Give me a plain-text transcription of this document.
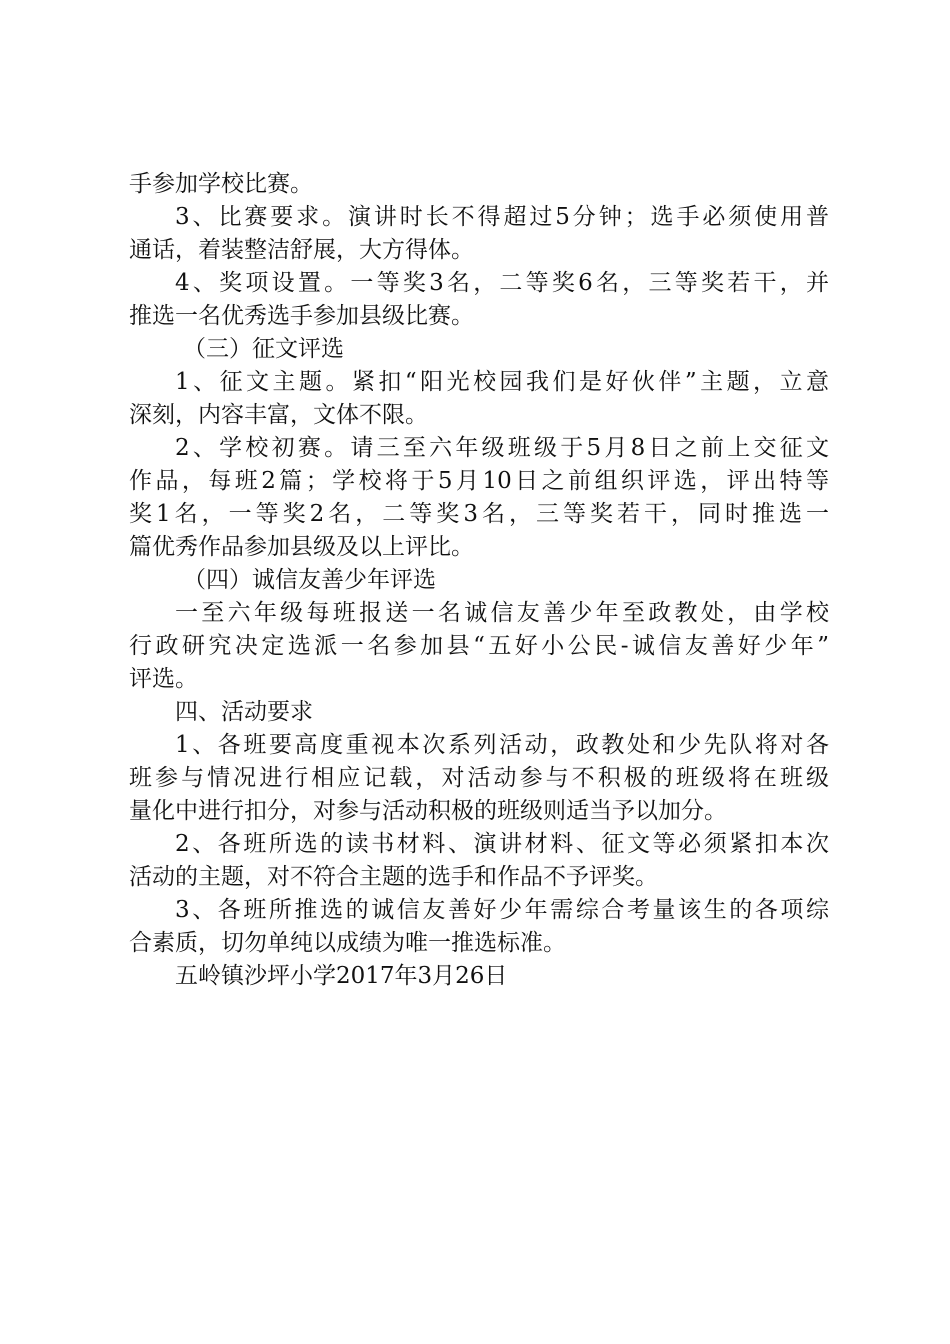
手参加学校比赛。
3、比赛要求。演讲时长不得超过5分钟；选手必须使用普
通话，着装整洁舒展，大方得体。
4、奖项设置。一等奖3名，二等奖6名，三等奖若干，并
推选一名优秀选手参加县级比赛。
（三）征文评选
1、征文主题。紧扣“阳光校园我们是好伙伴”主题，立意
深刻，内容丰富，文体不限。
2、学校初赛。请三至六年级班级于5月8日之前上交征文
作品，每班2篇；学校将于5月10日之前组织评选，评出特等
奖1名，一等奖2名，二等奖3名，三等奖若干，同时推选一
篇优秀作品参加县级及以上评比。
（四）诚信友善少年评选
一至六年级每班报送一名诚信友善少年至政教处，由学校
行政研究决定选派一名参加县“五好小公民-诚信友善好少年”
评选。
四、活动要求
1、各班要高度重视本次系列活动，政教处和少先队将对各
班参与情况进行相应记载，对活动参与不积极的班级将在班级
量化中进行扣分，对参与活动积极的班级则适当予以加分。
2、各班所选的读书材料、演讲材料、征文等必须紧扣本次
活动的主题，对不符合主题的选手和作品不予评奖。
3、各班所推选的诚信友善好少年需综合考量该生的各项综
合素质，切勿单纯以成绩为唯一推选标准。
五岭镇沙坪小学2017年3月26日
